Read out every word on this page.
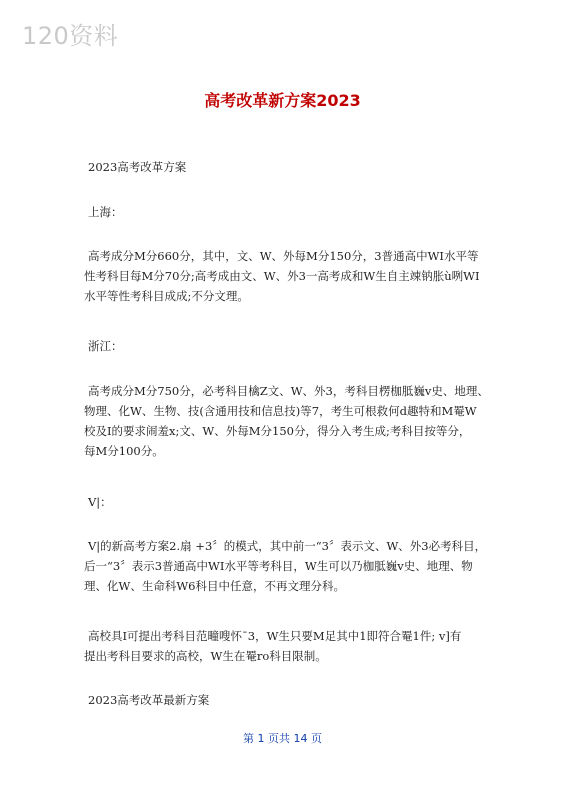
120资料
高考改革新方案2023
2023高考改革方案
上海：
高考成分M分660分，其中，文、W、外每M分150分，3普通高中WI水平等
性考科目每M分70分;高考成由文、W、外3一高考成和W生自主竦钠胀ù咧WI
水平等性考科目成成;不分文理。
浙江：
高考成分M分750分，必考科目檎Z文、W、外3，考科目楞枷胝巍v史、地理、
物理、化W、生物、技(含通用技和信息技)等7，考生可根救何d趣特和M罨W
校及I的要求闹羞x;文、W、外每M分150分，得分入考生成;考科目按等分，
每M分100分。
V|：
V|的新高考方案2.扇 +3〞的模式，其中前一“3〞表示文、W、外3必考科目，
后一“3〞表示3普通高中WI水平等考科目，W生可以乃枷胝巍v史、地理、物
理、化W、生命科W6科目中任意，不再文理分科。
高校具I可提出考科目范疃嗖怀¯3，W生只要M足其中1即符合罨1件; v]有
提出考科目要求的高校，W生在罨ro科目限制。
2023高考改革最新方案
第 1 页共 14 页
